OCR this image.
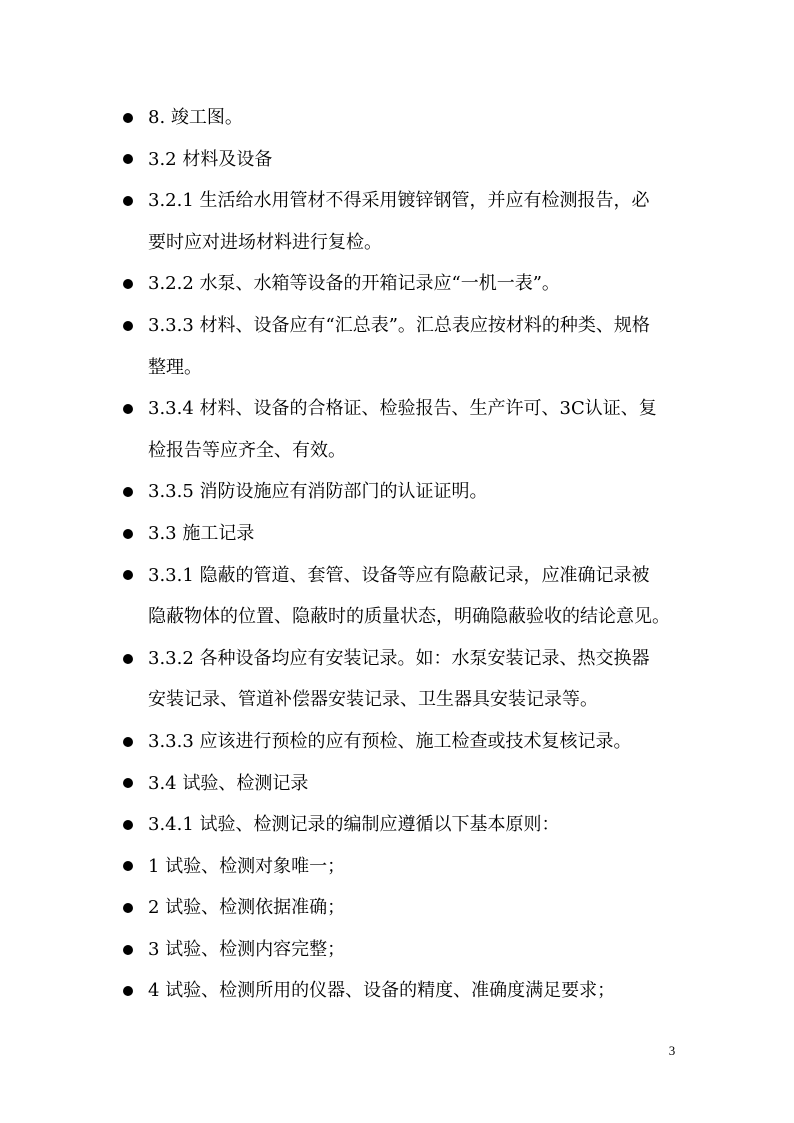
8. 竣工图。
3.2 材料及设备
3.2.1 生活给水用管材不得采用镀锌钢管，并应有检测报告，必
要时应对进场材料进行复检。
3.2.2 水泵、水箱等设备的开箱记录应“一机一表”。
3.3.3 材料、设备应有“汇总表”。汇总表应按材料的种类、规格
整理。
3.3.4 材料、设备的合格证、检验报告、生产许可、3C认证、复
检报告等应齐全、有效。
3.3.5 消防设施应有消防部门的认证证明。
3.3 施工记录
3.3.1 隐蔽的管道、套管、设备等应有隐蔽记录，应准确记录被
隐蔽物体的位置、隐蔽时的质量状态，明确隐蔽验收的结论意见。
3.3.2 各种设备均应有安装记录。如：水泵安装记录、热交换器
安装记录、管道补偿器安装记录、卫生器具安装记录等。
3.3.3 应该进行预检的应有预检、施工检查或技术复核记录。
3.4 试验、检测记录
3.4.1 试验、检测记录的编制应遵循以下基本原则：
1 试验、检测对象唯一；
2 试验、检测依据准确；
3 试验、检测内容完整；
4 试验、检测所用的仪器、设备的精度、准确度满足要求；
3
